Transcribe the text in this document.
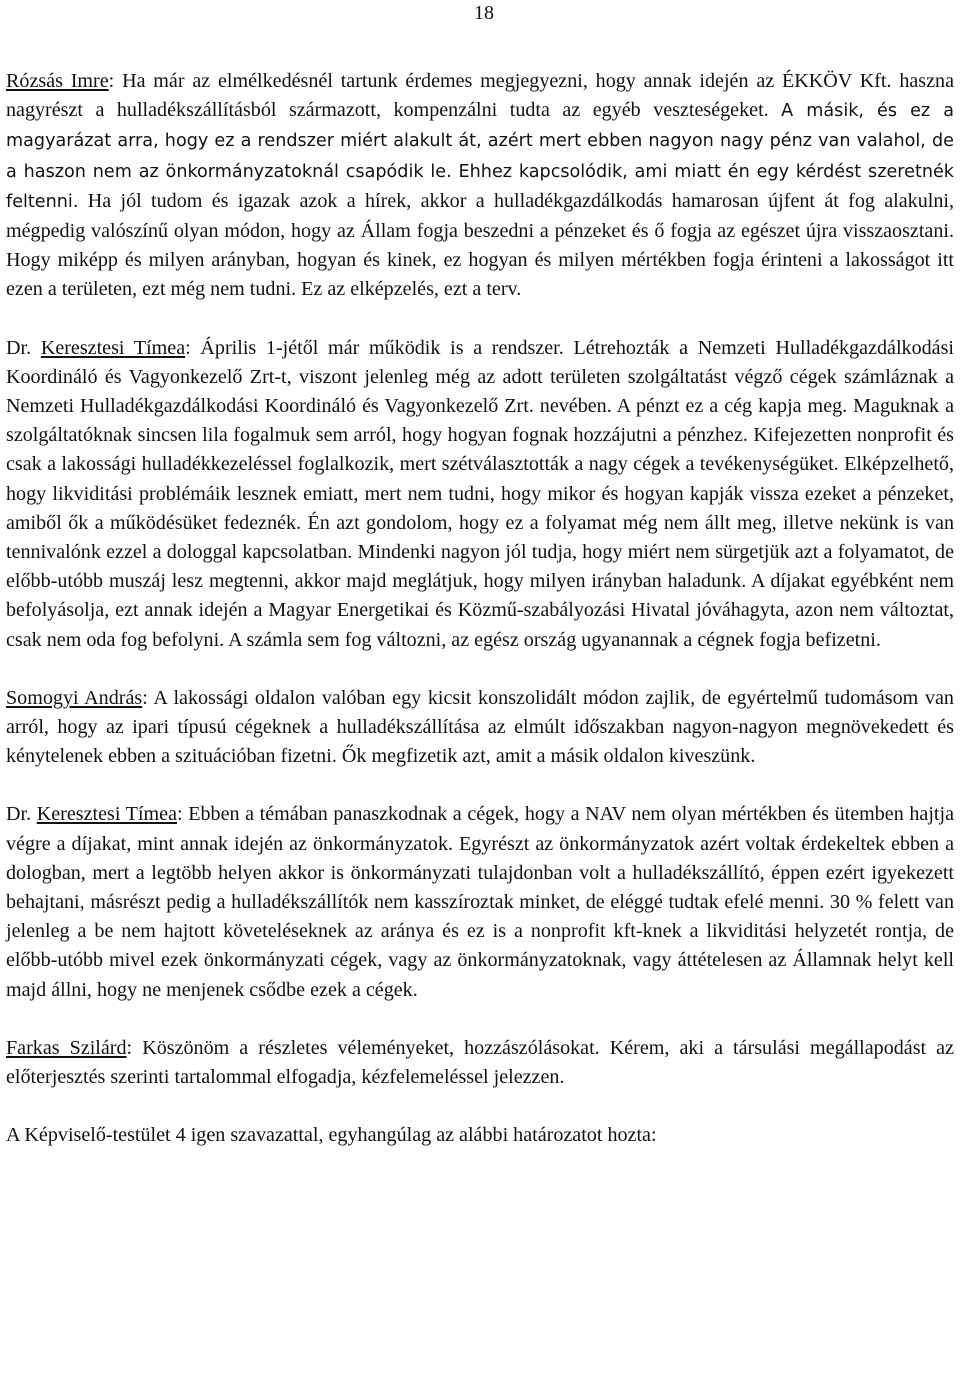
18

Rózsás Imre: Ha már az elmélkedésnél tartunk érdemes megjegyezni, hogy annak idején az ÉKKÖV Kft. haszna nagyrészt a hulladékszállításból származott, kompenzálni tudta az egyéb veszteségeket. A másik, és ez a magyarázat arra, hogy ez a rendszer miért alakult át, azért mert ebben nagyon nagy pénz van valahol, de a haszon nem az önkormányzatoknál csapódik le. Ehhez kapcsolódik, ami miatt én egy kérdést szeretnék feltenni. Ha jól tudom és igazak azok a hírek, akkor a hulladékgazdálkodás hamarosan újfent át fog alakulni, mégpedig valószínű olyan módon, hogy az Állam fogja beszedni a pénzeket és ő fogja az egészet újra visszaosztani. Hogy miképp és milyen arányban, hogyan és kinek, ez hogyan és milyen mértékben fogja érinteni a lakosságot itt ezen a területen, ezt még nem tudni. Ez az elképzelés, ezt a terv.

Dr. Keresztesi Tímea: Április 1-jétől már működik is a rendszer. Létrehozták a Nemzeti Hulladékgazdálkodási Koordináló és Vagyonkezelő Zrt-t, viszont jelenleg még az adott területen szolgáltatást végző cégek számláznak a Nemzeti Hulladékgazdálkodási Koordináló és Vagyonkezelő Zrt. nevében. A pénzt ez a cég kapja meg. Maguknak a szolgáltatóknak sincsen lila fogalmuk sem arról, hogy hogyan fognak hozzájutni a pénzhez. Kifejezetten nonprofit és csak a lakossági hulladékkezeléssel foglalkozik, mert szétválasztották a nagy cégek a tevékenységüket. Elképzelhető, hogy likviditási problémáik lesznek emiatt, mert nem tudni, hogy mikor és hogyan kapják vissza ezeket a pénzeket, amiből ők a működésüket fedeznék. Én azt gondolom, hogy ez a folyamat még nem állt meg, illetve nekünk is van tennivalónk ezzel a dologgal kapcsolatban. Mindenki nagyon jól tudja, hogy miért nem sürgetjük azt a folyamatot, de előbb-utóbb muszáj lesz megtenni, akkor majd meglátjuk, hogy milyen irányban haladunk. A díjakat egyébként nem befolyásolja, ezt annak idején a Magyar Energetikai és Közmű-szabályozási Hivatal jóváhagyta, azon nem változtat, csak nem oda fog befolyni. A számla sem fog változni, az egész ország ugyanannak a cégnek fogja befizetni.

Somogyi András: A lakossági oldalon valóban egy kicsit konszolidált módon zajlik, de egyértelmű tudomásom van arról, hogy az ipari típusú cégeknek a hulladékszállítása az elmúlt időszakban nagyon-nagyon megnövekedett és kénytelenek ebben a szituációban fizetni. Ők megfizetik azt, amit a másik oldalon kiveszünk.

Dr. Keresztesi Tímea: Ebben a témában panaszkodnak a cégek, hogy a NAV nem olyan mértékben és ütemben hajtja végre a díjakat, mint annak idején az önkormányzatok. Egyrészt az önkormányzatok azért voltak érdekeltek ebben a dologban, mert a legtöbb helyen akkor is önkormányzati tulajdonban volt a hulladékszállító, éppen ezért igyekezett behajtani, másrészt pedig a hulladékszállítók nem kasszíroztak minket, de eléggé tudtak efelé menni. 30 % felett van jelenleg a be nem hajtott követeléseknek az aránya és ez is a nonprofit kft-knek a likviditási helyzetét rontja, de előbb-utóbb mivel ezek önkormányzati cégek, vagy az önkormányzatoknak, vagy áttételesen az Államnak helyt kell majd állni, hogy ne menjenek csődbe ezek a cégek.

Farkas Szilárd: Köszönöm a részletes véleményeket, hozzászólásokat. Kérem, aki a társulási megállapodást az előterjesztés szerinti tartalommal elfogadja, kézfelemeléssel jelezzen.

A Képviselő-testület 4 igen szavazattal, egyhangúlag az alábbi határozatot hozta:
